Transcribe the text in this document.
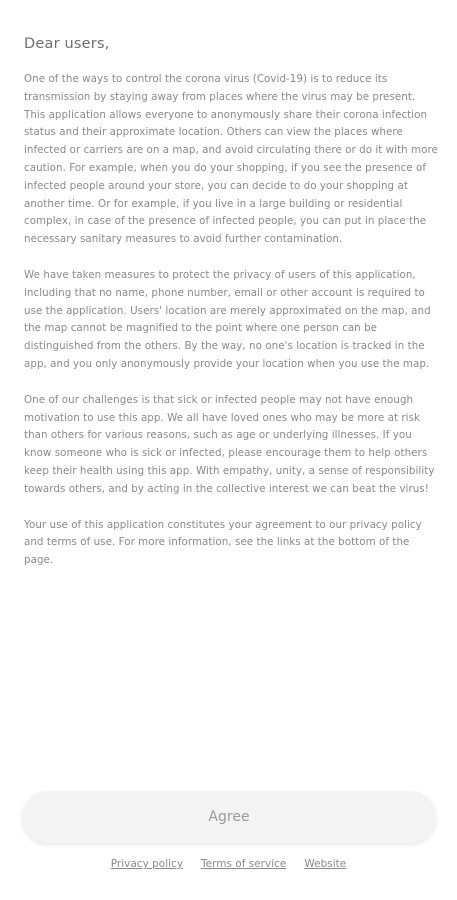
Dear users,

One of the ways to control the corona virus (Covid-19) is to reduce its transmission by staying away from places where the virus may be present. This application allows everyone to anonymously share their corona infection status and their approximate location. Others can view the places where infected or carriers are on a map, and avoid circulating there or do it with more caution. For example, when you do your shopping, if you see the presence of infected people around your store, you can decide to do your shopping at another time. Or for example, if you live in a large building or residential complex, in case of the presence of infected people, you can put in place the necessary sanitary measures to avoid further contamination.

We have taken measures to protect the privacy of users of this application, including that no name, phone number, email or other account is required to use the application. Users' location are merely approximated on the map, and the map cannot be magnified to the point where one person can be distinguished from the others. By the way, no one's location is tracked in the app, and you only anonymously provide your location when you use the map.

One of our challenges is that sick or infected people may not have enough motivation to use this app. We all have loved ones who may be more at risk than others for various reasons, such as age or underlying illnesses. If you know someone who is sick or infected, please encourage them to help others keep their health using this app. With empathy, unity, a sense of responsibility towards others, and by acting in the collective interest we can beat the virus!

Your use of this application constitutes your agreement to our privacy policy and terms of use. For more information, see the links at the bottom of the page.

Agree
Privacy policy Terms of service Website
